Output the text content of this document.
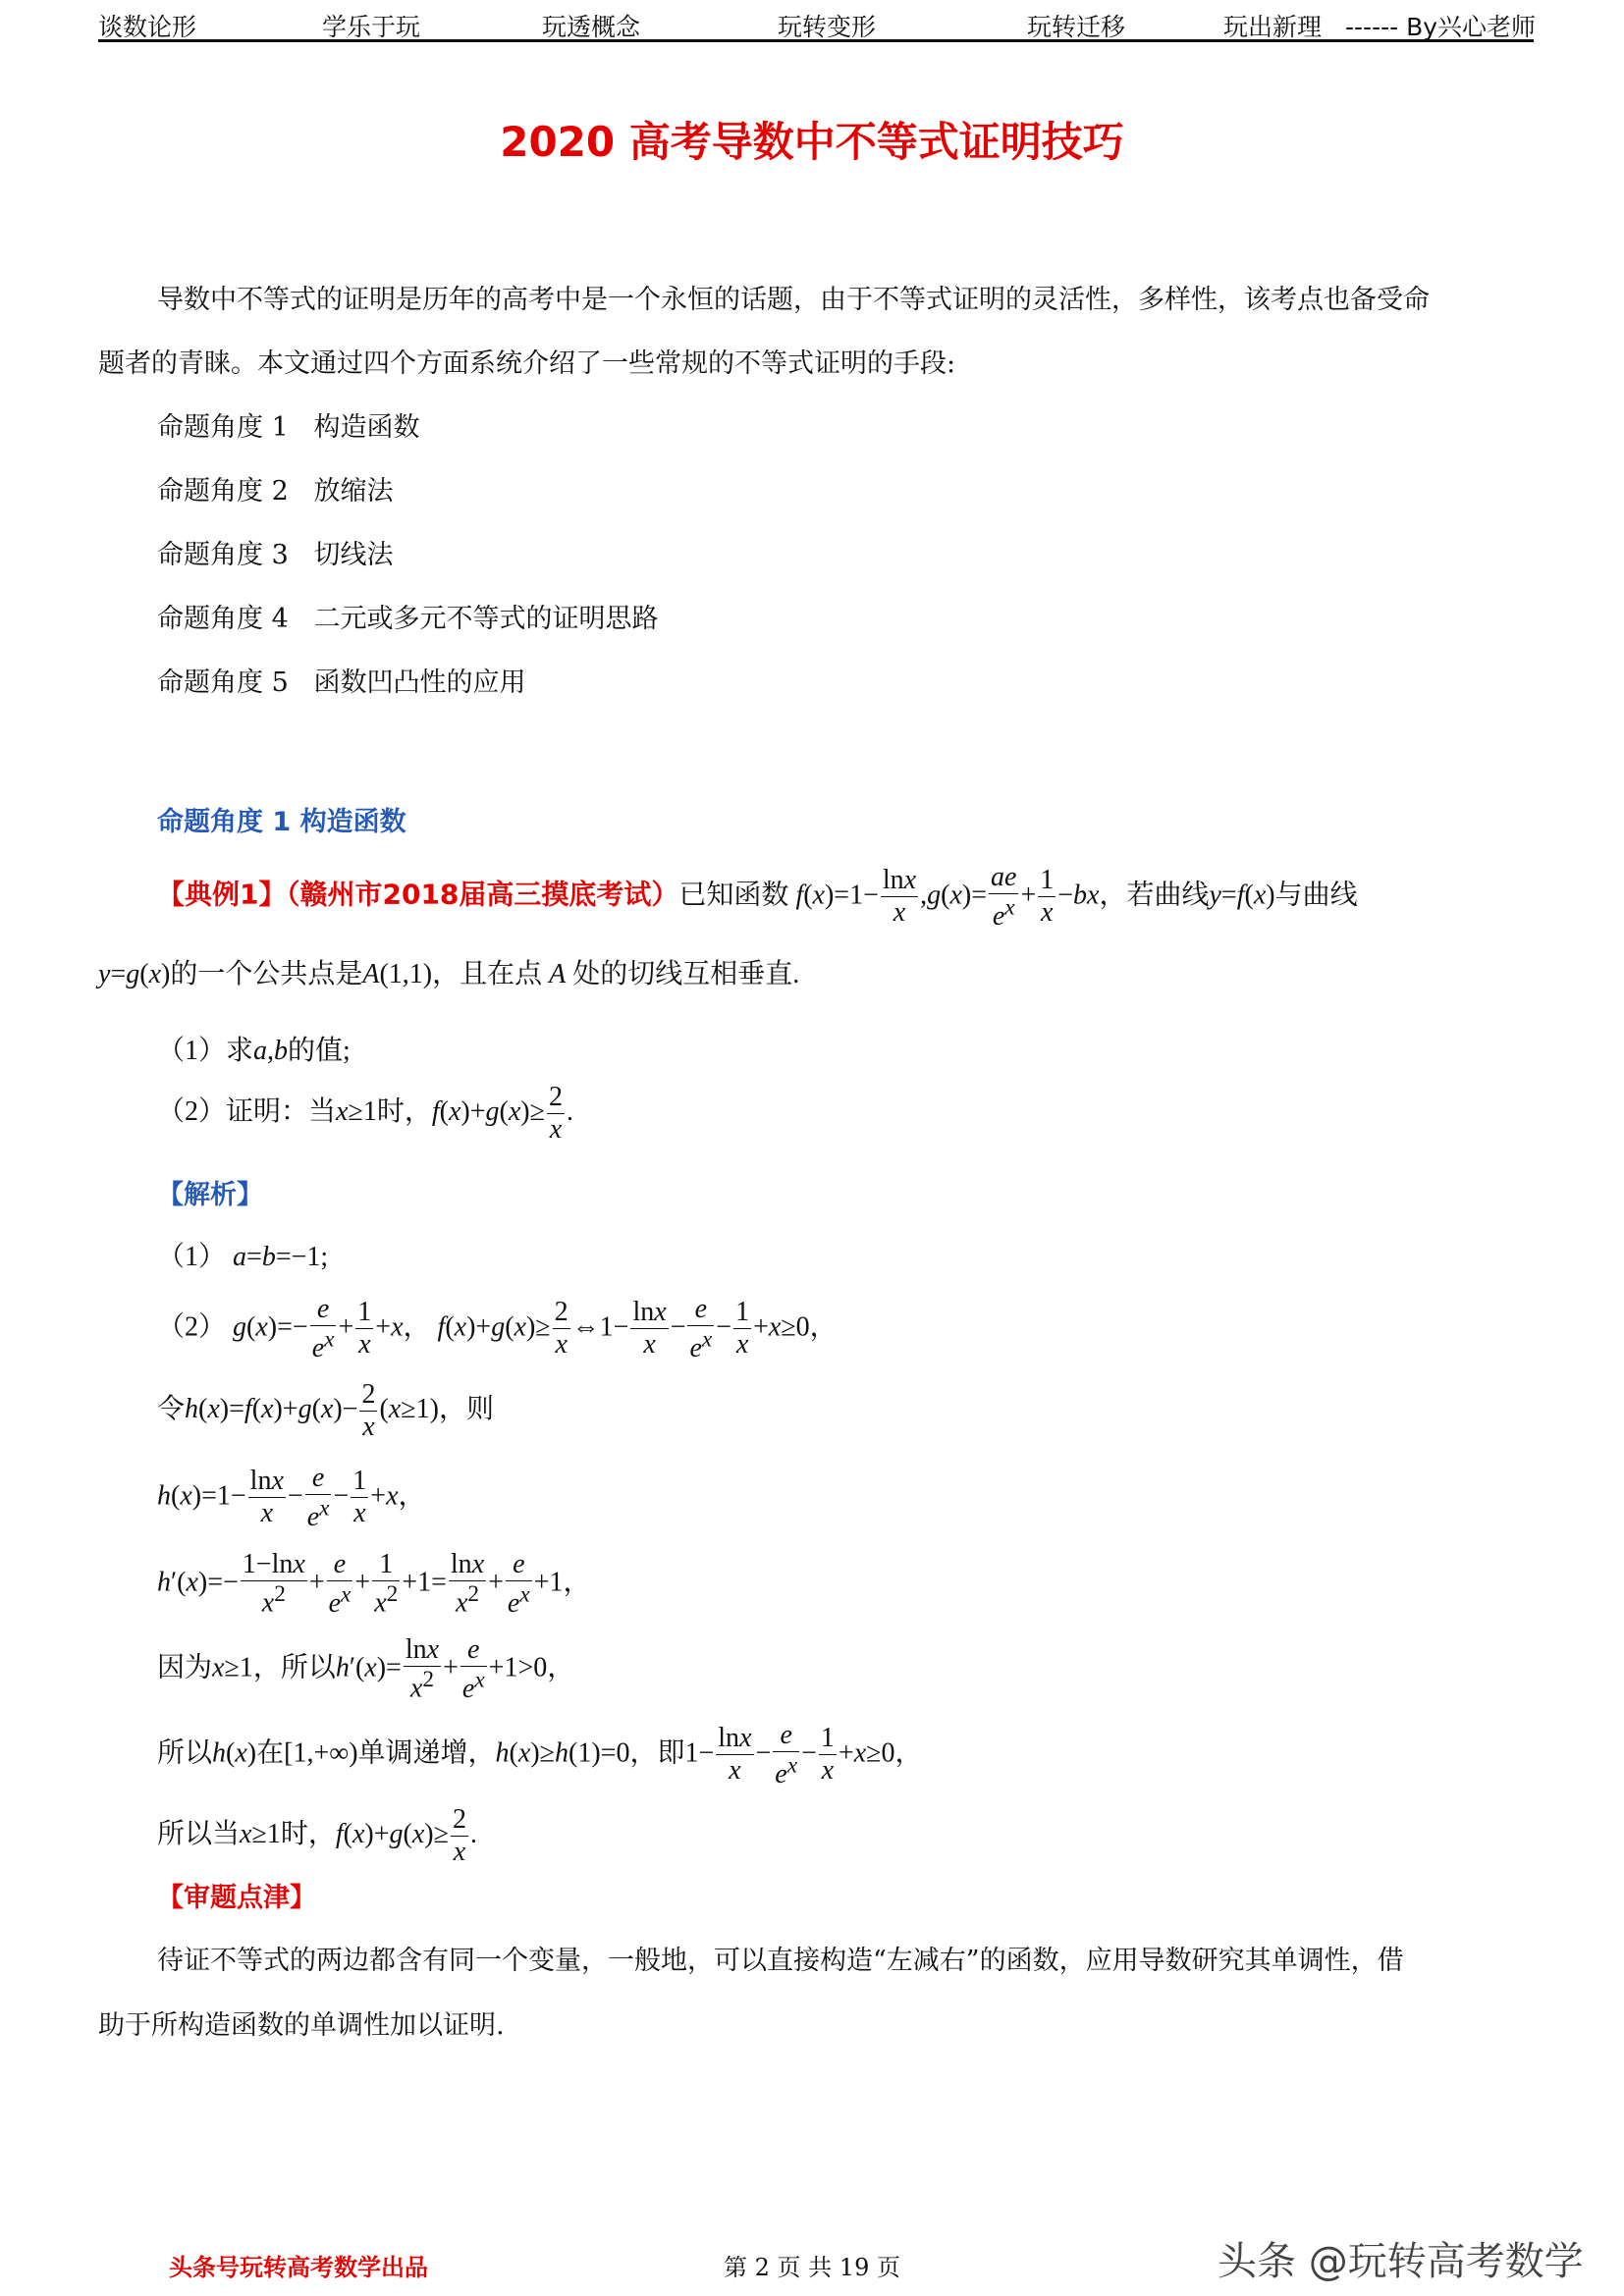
谈数论形	学乐于玩	玩透概念	玩转变形	玩转迁移	玩出新理 ------ By兴心老师
2020 高考导数中不等式证明技巧
导数中不等式的证明是历年的高考中是一个永恒的话题，由于不等式证明的灵活性，多样性，该考点也备受命
题者的青睐。本文通过四个方面系统介绍了一些常规的不等式证明的手段:
命题角度 1 构造函数
命题角度 2 放缩法
命题角度 3 切线法
命题角度 4 二元或多元不等式的证明思路
命题角度 5 函数凹凸性的应用
命题角度 1 构造函数
【典例1】（赣州市2018届高三摸底考试）已知函数 $f(x)=1- \frac{\ln x}{x} ,g(x)= \frac{ae}{e^x} + \frac{1}{x} -bx$，若曲线y=f(x)与曲线
y=g(x)的一个公共点是A(1,1)，且在点 A 处的切线互相垂直.
（1）求a,b的值;
（2）证明：当x≥1时，$f(x)+g(x)\ge \frac{2}{x}$ .
【解析】
（1） a=b=−1;
（2） $g(x)=- \frac{e}{e^x} + \frac{1}{x} +x$， $f(x)+g(x)\ge \frac{2}{x}$ ⇔1− $\frac{\ln x}{x} - \frac{e}{e^x} - \frac{1}{x} +x\ge 0$，
令$h(x)=f(x)+g(x)- \frac{2}{x} (x\ge 1)$，则
$h(x)=1- \frac{\ln x}{x} - \frac{e}{e^x} - \frac{1}{x} +x$，
$h'(x)=- \frac{1-\ln x}{x^2} + \frac{e}{e^x} + \frac{1}{x^2} +1= \frac{\ln x}{x^2} + \frac{e}{e^x} +1$，
因为x≥1，所以$h'(x)= \frac{\ln x}{x^2} + \frac{e}{e^x} +1>0$，
所以h(x)在[1,+∞)单调递增，h(x)≥h(1)=0，即$1- \frac{\ln x}{x} - \frac{e}{e^x} - \frac{1}{x} +x\ge 0$，
所以当x≥1时，$f(x)+g(x)\ge \frac{2}{x}$ .
【审题点津】
待证不等式的两边都含有同一个变量，一般地，可以直接构造“左减右”的函数，应用导数研究其单调性，借
助于所构造函数的单调性加以证明.
头条号玩转高考数学出品	第 2 页 共 19 页	头条 @玩转高考数学
